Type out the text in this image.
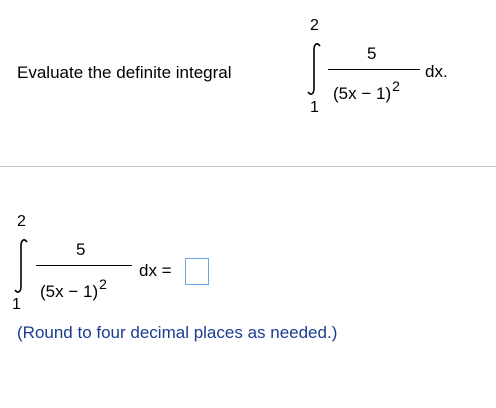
Evaluate the definite integral
2
1
5
$(5x - 1)^2$
dx.
2
1
5
$(5x - 1)^2$
dx =
(Round to four decimal places as needed.)
